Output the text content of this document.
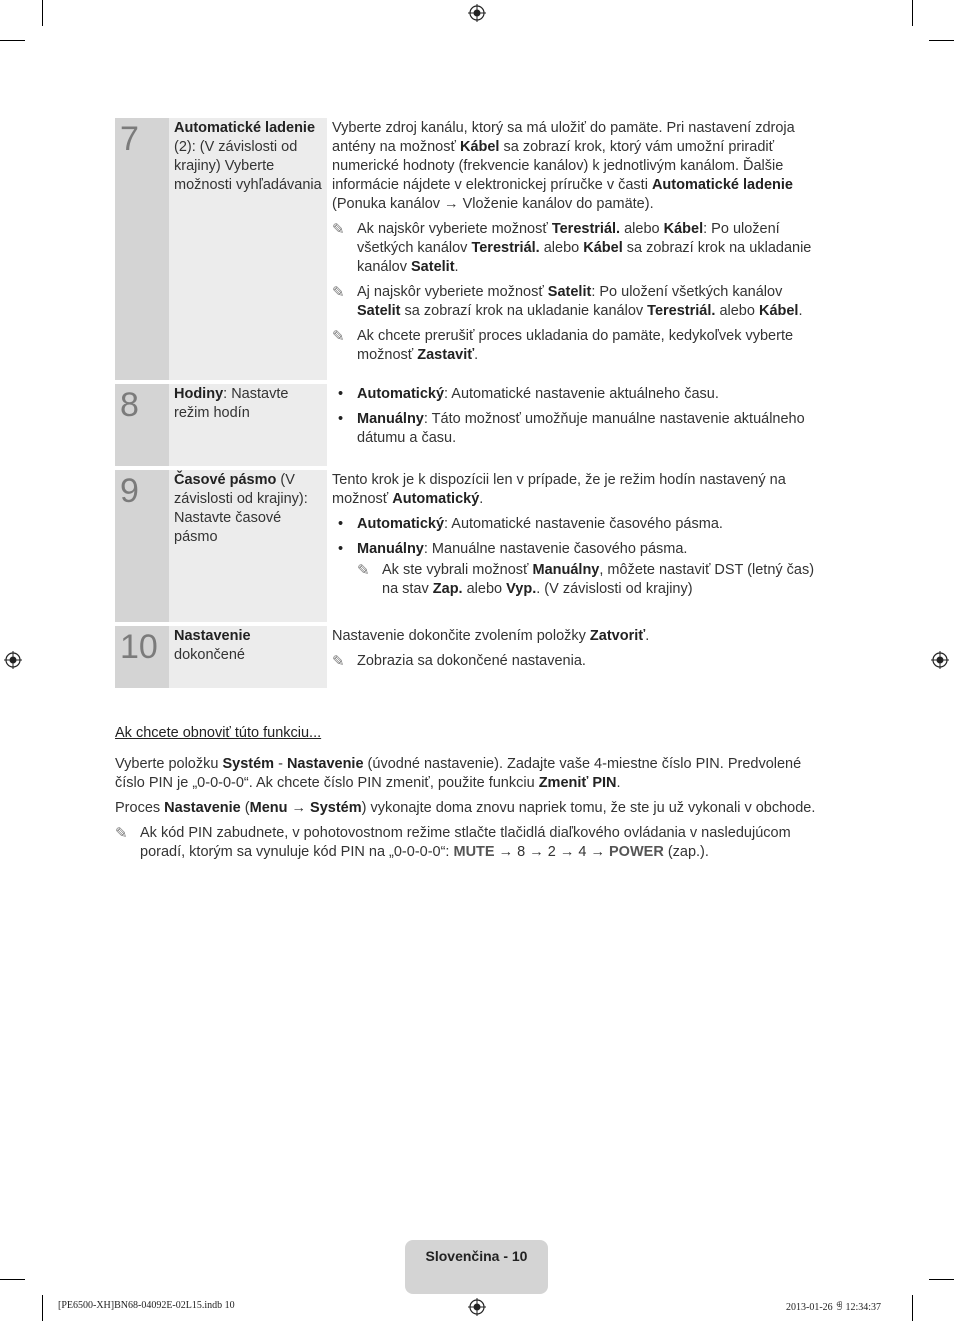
7	Automatické ladenie (2): (V závislosti od krajiny) Vyberte možnosti vyhľadávania

Vyberte zdroj kanálu, ktorý sa má uložiť do pamäte. Pri nastavení zdroja antény na možnosť Kábel sa zobrazí krok, ktorý vám umožní priradiť numerické hodnoty (frekvencie kanálov) k jednotlivým kanálom. Ďalšie informácie nájdete v elektronickej príručke v časti Automatické ladenie (Ponuka kanálov → Vloženie kanálov do pamäte).

✎ Ak najskôr vyberiete možnosť Terestriál. alebo Kábel: Po uložení všetkých kanálov Terestriál. alebo Kábel sa zobrazí krok na ukladanie kanálov Satelit.
✎ Aj najskôr vyberiete možnosť Satelit: Po uložení všetkých kanálov Satelit sa zobrazí krok na ukladanie kanálov Terestriál. alebo Kábel.
✎ Ak chcete prerušiť proces ukladania do pamäte, kedykoľvek vyberte možnosť Zastaviť.
8	Hodiny: Nastavte režim hodín
• Automatický: Automatické nastavenie aktuálneho času.
• Manuálny: Táto možnosť umožňuje manuálne nastavenie aktuálneho dátumu a času.
9	Časové pásmo (V závislosti od krajiny): Nastavte časové pásmo

Tento krok je k dispozícii len v prípade, že je režim hodín nastavený na možnosť Automatický.

• Automatický: Automatické nastavenie časového pásma.
• Manuálny: Manuálne nastavenie časového pásma.
✎ Ak ste vybrali možnosť Manuálny, môžete nastaviť DST (letný čas) na stav Zap. alebo Vyp.. (V závislosti od krajiny)
10	Nastavenie dokončené

Nastavenie dokončite zvolením položky Zatvoriť.

✎ Zobrazia sa dokončené nastavenia.
Ak chcete obnoviť túto funkciu...

Vyberte položku Systém - Nastavenie (úvodné nastavenie). Zadajte vaše 4-miestne číslo PIN. Predvolené číslo PIN je „0-0-0-0“. Ak chcete číslo PIN zmeniť, použite funkciu Zmeniť PIN.

Proces Nastavenie (Menu → Systém) vykonajte doma znovu napriek tomu, že ste ju už vykonali v obchode.

✎ Ak kód PIN zabudnete, v pohotovostnom režime stlačte tlačidlá diaľkového ovládania v nasledujúcom poradí, ktorým sa vynuluje kód PIN na „0-0-0-0“: MUTE → 8 → 2 → 4 → POWER (zap.).
Slovenčina - 10
[PE6500-XH]BN68-04092E-02L15.indb 10	2013-01-26 ꁅ 12:34:37
